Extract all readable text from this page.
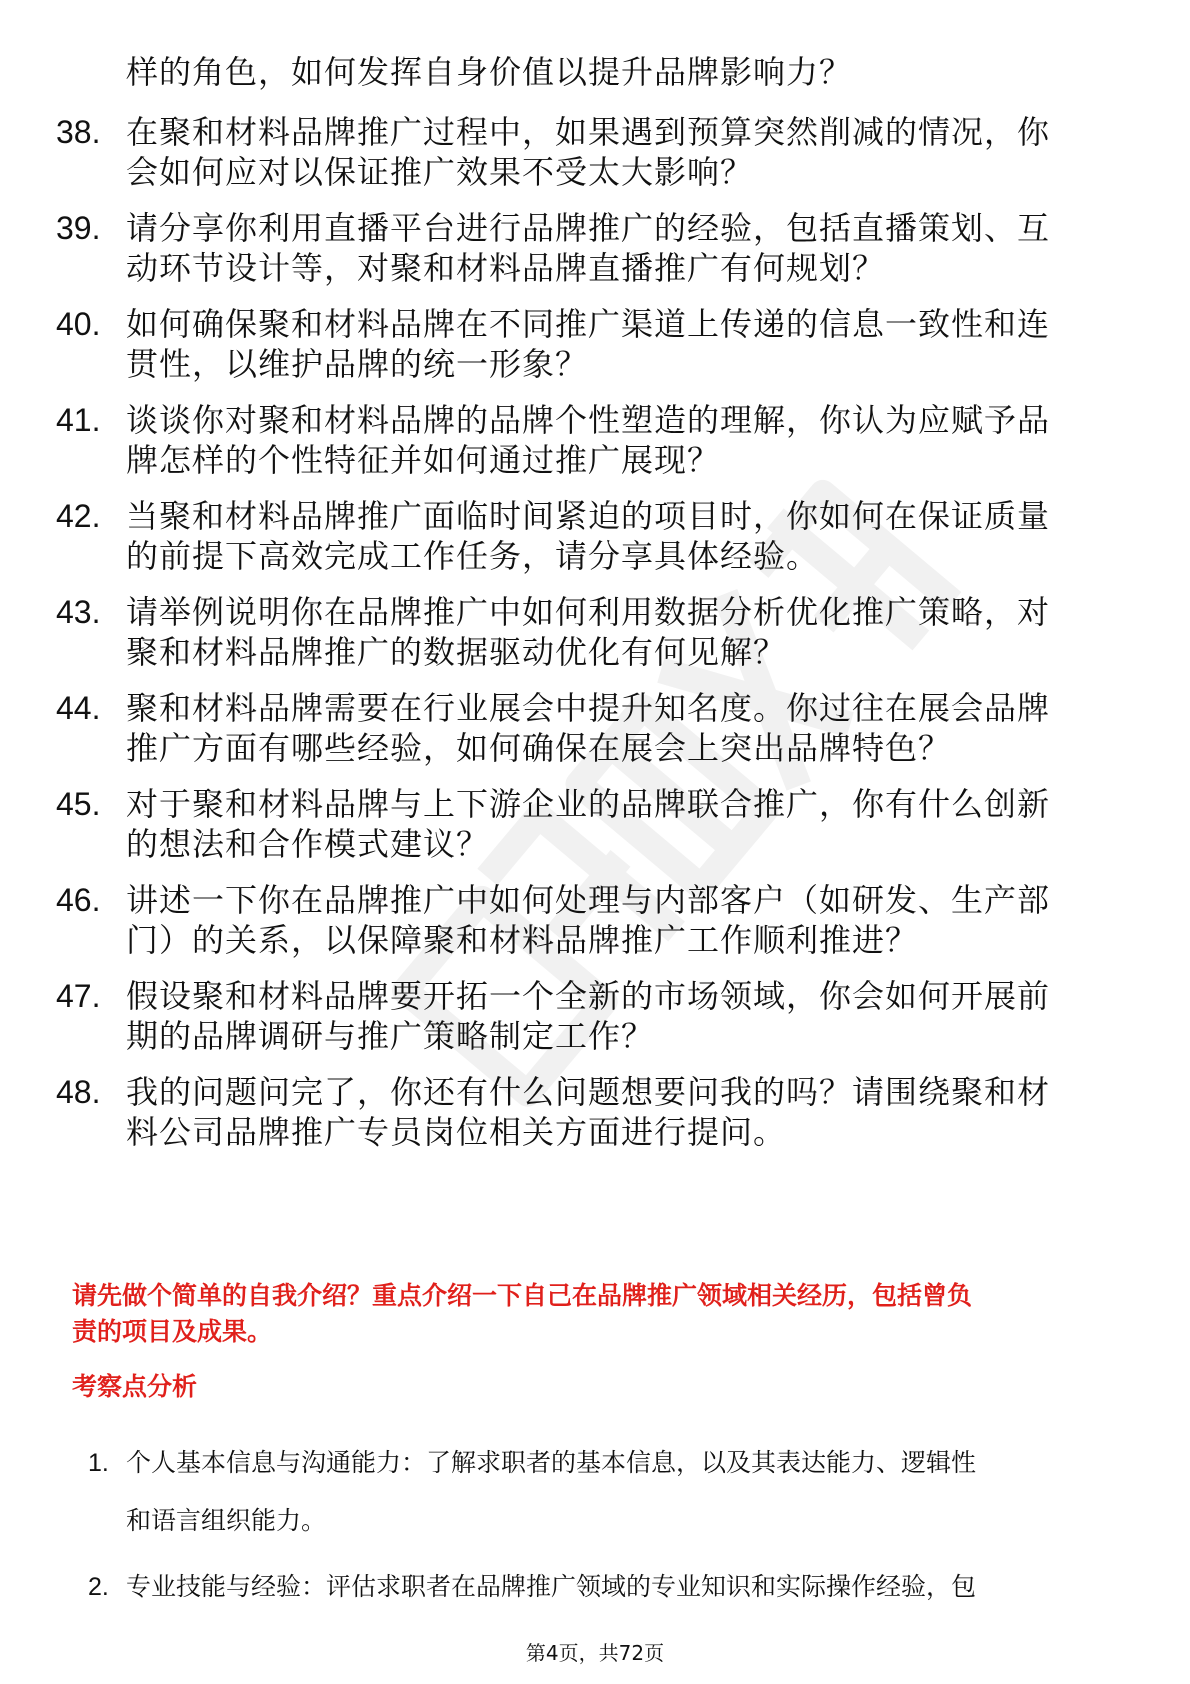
样的角色，如何发挥自身价值以提升品牌影响力？

38. 在聚和材料品牌推广过程中，如果遇到预算突然削减的情况，你
会如何应对以保证推广效果不受太大影响？
39. 请分享你利用直播平台进行品牌推广的经验，包括直播策划、互
动环节设计等，对聚和材料品牌直播推广有何规划？
40. 如何确保聚和材料品牌在不同推广渠道上传递的信息一致性和连
贯性，以维护品牌的统一形象？
41. 谈谈你对聚和材料品牌的品牌个性塑造的理解，你认为应赋予品
牌怎样的个性特征并如何通过推广展现？
42. 当聚和材料品牌推广面临时间紧迫的项目时，你如何在保证质量
的前提下高效完成工作任务，请分享具体经验。
43. 请举例说明你在品牌推广中如何利用数据分析优化推广策略，对
聚和材料品牌推广的数据驱动优化有何见解？
44. 聚和材料品牌需要在行业展会中提升知名度。你过往在展会品牌
推广方面有哪些经验，如何确保在展会上突出品牌特色？
45. 对于聚和材料品牌与上下游企业的品牌联合推广，你有什么创新
的想法和合作模式建议？
46. 讲述一下你在品牌推广中如何处理与内部客户（如研发、生产部
门）的关系，以保障聚和材料品牌推广工作顺利推进？
47. 假设聚和材料品牌要开拓一个全新的市场领域，你会如何开展前
期的品牌调研与推广策略制定工作？
48. 我的问题问完了，你还有什么问题想要问我的吗？请围绕聚和材
料公司品牌推广专员岗位相关方面进行提问。
请先做个简单的自我介绍？重点介绍一下自己在品牌推广领域相关经历，包括曾负
责的项目及成果。
考察点分析
1. 个人基本信息与沟通能力：了解求职者的基本信息，以及其表达能力、逻辑性
和语言组织能力。
2. 专业技能与经验：评估求职者在品牌推广领域的专业知识和实际操作经验，包
第4页，共72页
